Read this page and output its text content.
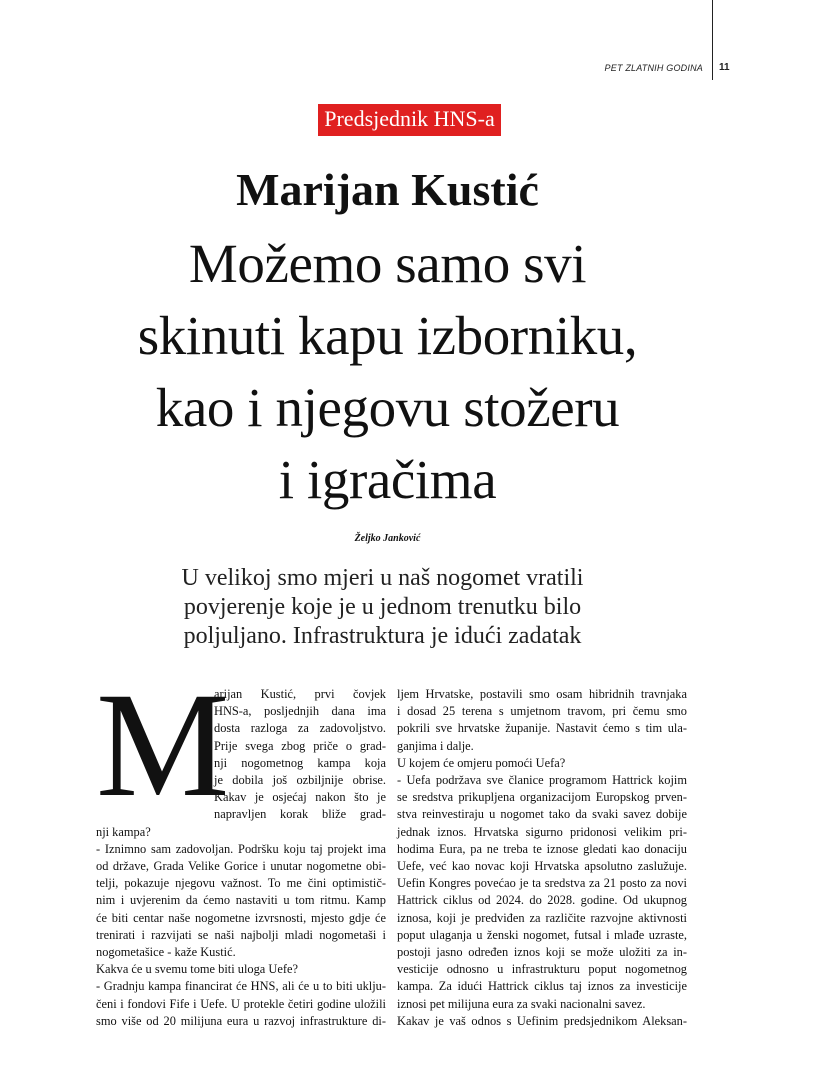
PET ZLATNIH GODINA 11
Predsjednik HNS-a
Marijan Kustić
Možemo samo svi
skinuti kapu izborniku,
kao i njegovu stožeru
i igračima
Željko Janković
U velikoj smo mjeri u naš nogomet vratili
povjerenje koje je u jednom trenutku bilo
poljuljano. Infrastruktura je idući zadatak
M
arijan Kustić, prvi čovjek
HNS-a, posljednjih dana ima
dosta razloga za zadovoljstvo.
Prije svega zbog priče o grad-
nji nogometnog kampa koja
je dobila još ozbiljnije obrise.
Kakav je osjećaj nakon što je
napravljen korak bliže grad-
nji kampa?
- Iznimno sam zadovoljan. Podršku koju taj projekt ima
od države, Grada Velike Gorice i unutar nogometne obi-
telji, pokazuje njegovu važnost. To me čini optimistič-
nim i uvjerenim da ćemo nastaviti u tom ritmu. Kamp
će biti centar naše nogometne izvrsnosti, mjesto gdje će
trenirati i razvijati se naši najbolji mladi nogometaši i
nogometašice - kaže Kustić.
Kakva će u svemu tome biti uloga Uefe?
- Gradnju kampa financirat će HNS, ali će u to biti uklju-
čeni i fondovi Fife i Uefe. U protekle četiri godine uložili
smo više od 20 milijuna eura u razvoj infrastrukture di-
ljem Hrvatske, postavili smo osam hibridnih travnjaka
i dosad 25 terena s umjetnom travom, pri čemu smo
pokrili sve hrvatske županije. Nastavit ćemo s tim ula-
ganjima i dalje.
U kojem će omjeru pomoći Uefa?
- Uefa podržava sve članice programom Hattrick kojim
se sredstva prikupljena organizacijom Europskog prven-
stva reinvestiraju u nogomet tako da svaki savez dobije
jednak iznos. Hrvatska sigurno pridonosi velikim pri-
hodima Eura, pa ne treba te iznose gledati kao donaciju
Uefe, već kao novac koji Hrvatska apsolutno zaslužuje.
Uefin Kongres povećao je ta sredstva za 21 posto za novi
Hattrick ciklus od 2024. do 2028. godine. Od ukupnog
iznosa, koji je predviđen za različite razvojne aktivnosti
poput ulaganja u ženski nogomet, futsal i mlađe uzraste,
postoji jasno određen iznos koji se može uložiti za in-
vesticije odnosno u infrastrukturu poput nogometnog
kampa. Za idući Hattrick ciklus taj iznos za investicije
iznosi pet milijuna eura za svaki nacionalni savez.
Kakav je vaš odnos s Uefinim predsjednikom Aleksan-
